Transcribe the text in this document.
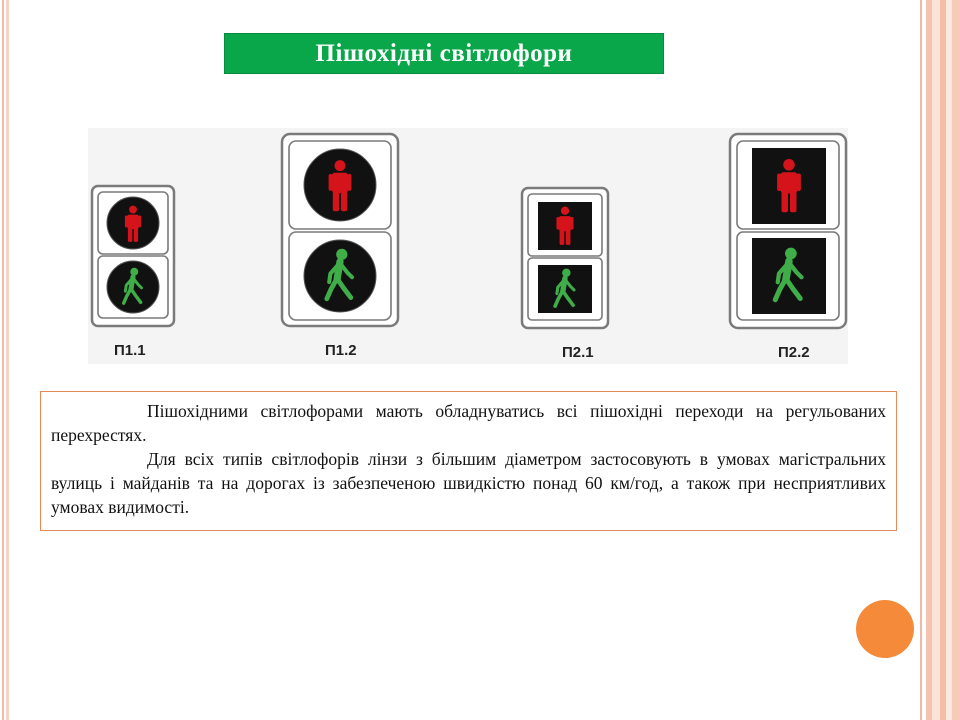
Пішохідні світлофори
П1.1	П1.2	П2.1	П2.2

Пішохідними світлофорами мають обладнуватись всі пішохідні переходи на регульованих перехрестях.

Для всіх типів світлофорів лінзи з більшим діаметром застосовують в умовах магістральних вулиць і майданів та на дорогах із забезпеченою швидкістю понад 60 км/год, а також при несприятливих умовах видимості.
